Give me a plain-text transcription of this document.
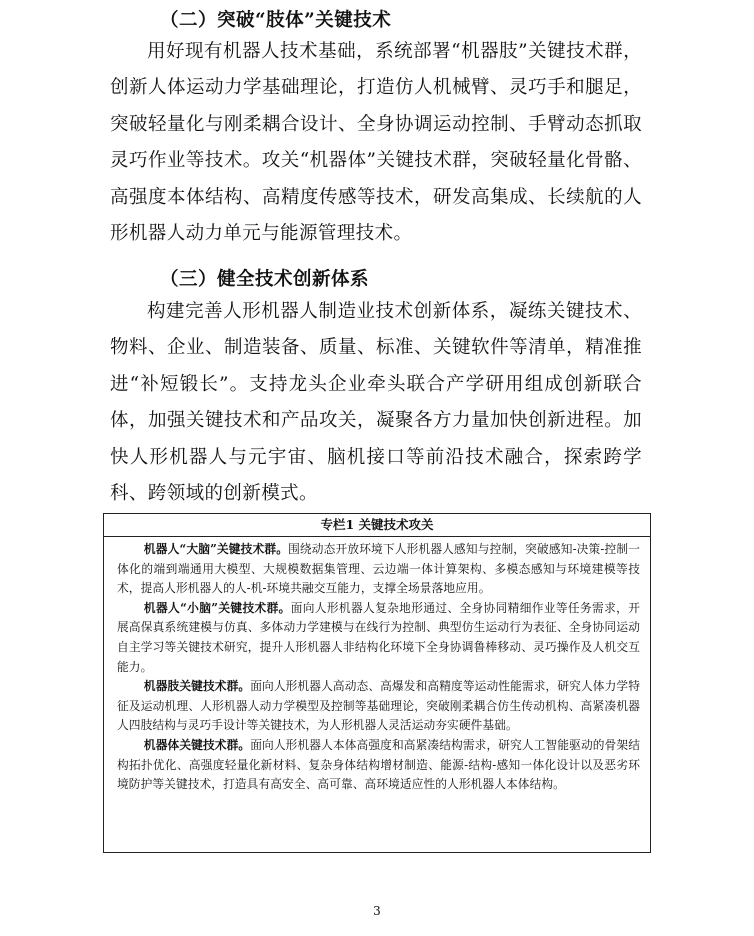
（二）突破“肢体”关键技术
用好现有机器人技术基础，系统部署“机器肢”关键技术群，创新人体运动力学基础理论，打造仿人机械臂、灵巧手和腿足，突破轻量化与刚柔耦合设计、全身协调运动控制、手臂动态抓取灵巧作业等技术。攻关“机器体”关键技术群，突破轻量化骨骼、高强度本体结构、高精度传感等技术，研发高集成、长续航的人形机器人动力单元与能源管理技术。
（三）健全技术创新体系
构建完善人形机器人制造业技术创新体系，凝练关键技术、物料、企业、制造装备、质量、标准、关键软件等清单，精准推进“补短锻长”。支持龙头企业牵头联合产学研用组成创新联合体，加强关键技术和产品攻关，凝聚各方力量加快创新进程。加快人形机器人与元宇宙、脑机接口等前沿技术融合，探索跨学科、跨领域的创新模式。
专栏1 关键技术攻关

机器人“大脑”关键技术群。围绕动态开放环境下人形机器人感知与控制，突破感知-决策-控制一体化的端到端通用大模型、大规模数据集管理、云边端一体计算架构、多模态感知与环境建模等技术，提高人形机器人的人-机-环境共融交互能力，支撑全场景落地应用。

机器人“小脑”关键技术群。面向人形机器人复杂地形通过、全身协同精细作业等任务需求，开展高保真系统建模与仿真、多体动力学建模与在线行为控制、典型仿生运动行为表征、全身协同运动自主学习等关键技术研究，提升人形机器人非结构化环境下全身协调鲁棒移动、灵巧操作及人机交互能力。

机器肢关键技术群。面向人形机器人高动态、高爆发和高精度等运动性能需求，研究人体力学特征及运动机理、人形机器人动力学模型及控制等基础理论，突破刚柔耦合仿生传动机构、高紧凑机器人四肢结构与灵巧手设计等关键技术，为人形机器人灵活运动夯实硬件基础。

机器体关键技术群。面向人形机器人本体高强度和高紧凑结构需求，研究人工智能驱动的骨架结构拓扑优化、高强度轻量化新材料、复杂身体结构增材制造、能源-结构-感知一体化设计以及恶劣环境防护等关键技术，打造具有高安全、高可靠、高环境适应性的人形机器人本体结构。

3
